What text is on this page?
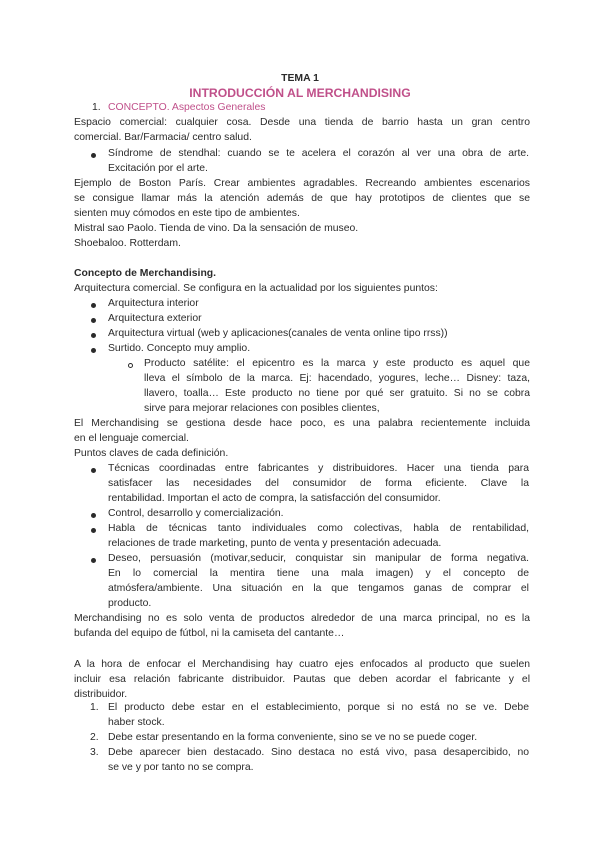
TEMA 1
INTRODUCCIÓN AL MERCHANDISING
1. CONCEPTO. Aspectos Generales
Espacio comercial: cualquier cosa. Desde una tienda de barrio hasta un gran centro
comercial. Bar/Farmacia/ centro salud.
Síndrome de stendhal: cuando se te acelera el corazón al ver una obra de arte.
Excitación por el arte.
Ejemplo de Boston París. Crear ambientes agradables. Recreando ambientes escenarios
se consigue llamar más la atención además de que hay prototipos de clientes que se
sienten muy cómodos en este tipo de ambientes.
Mistral sao Paolo. Tienda de vino. Da la sensación de museo.
Shoebaloo. Rotterdam.
Concepto de Merchandising.
Arquitectura comercial. Se configura en la actualidad por los siguientes puntos:
Arquitectura interior
Arquitectura exterior
Arquitectura virtual (web y aplicaciones(canales de venta online tipo rrss))
Surtido. Concepto muy amplio.
Producto satélite: el epicentro es la marca y este producto es aquel que
lleva el símbolo de la marca. Ej: hacendado, yogures, leche… Disney: taza,
llavero, toalla… Este producto no tiene por qué ser gratuito. Si no se cobra
sirve para mejorar relaciones con posibles clientes,
El Merchandising se gestiona desde hace poco, es una palabra recientemente incluida
en el lenguaje comercial.
Puntos claves de cada definición.
Técnicas coordinadas entre fabricantes y distribuidores. Hacer una tienda para
satisfacer las necesidades del consumidor de forma eficiente. Clave la
rentabilidad. Importan el acto de compra, la satisfacción del consumidor.
Control, desarrollo y comercialización.
Habla de técnicas tanto individuales como colectivas, habla de rentabilidad,
relaciones de trade marketing, punto de venta y presentación adecuada.
Deseo, persuasión (motivar,seducir, conquistar sin manipular de forma negativa.
En lo comercial la mentira tiene una mala imagen) y el concepto de
atmósfera/ambiente. Una situación en la que tengamos ganas de comprar el
producto.
Merchandising no es solo venta de productos alrededor de una marca principal, no es la
bufanda del equipo de fútbol, ni la camiseta del cantante…
A la hora de enfocar el Merchandising hay cuatro ejes enfocados al producto que suelen
incluir esa relación fabricante distribuidor. Pautas que deben acordar el fabricante y el
distribuidor.
1. El producto debe estar en el establecimiento, porque si no está no se ve. Debe
haber stock.
2. Debe estar presentando en la forma conveniente, sino se ve no se puede coger.
3. Debe aparecer bien destacado. Sino destaca no está vivo, pasa desapercibido, no
se ve y por tanto no se compra.
